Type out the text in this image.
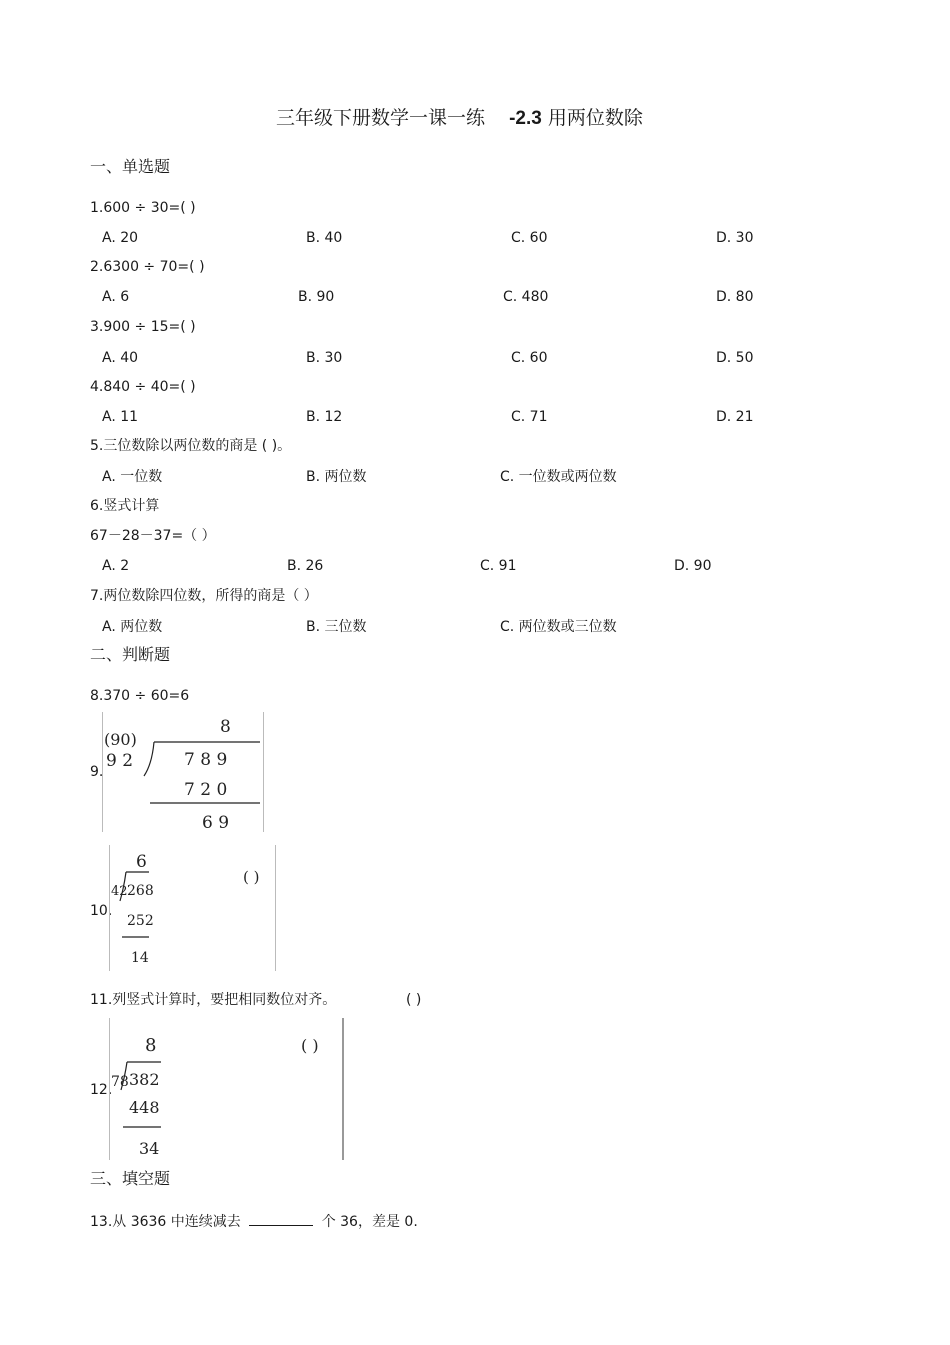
三年级下册数学一课一练 -2.3 用两位数除
一、单选题
1.600 ÷ 30=( )
A. 20	B. 40	C. 60	D. 30
2.6300 ÷ 70=( )
A. 6	B. 90	C. 480	D. 80
3.900 ÷ 15=( )
A. 40	B. 30	C. 60	D. 50
4.840 ÷ 40=( )
A. 11	B. 12	C. 71	D. 21
5.三位数除以两位数的商是 ( )。
A. 一位数	B. 两位数	C. 一位数或两位数
6.竖式计算
67－28－37=（ ）
A. 2	B. 26	C. 91	D. 90
7.两位数除四位数，所得的商是（ ）
A. 两位数	B. 三位数	C. 两位数或三位数
二、判断题
8.370 ÷ 60=6
9.
8
(90)
9 2	7 8 9
7 2 0
6 9
10.
6
( )
42 268
252
14
11.列竖式计算时，要把相同数位对齐。	( )
12.
8	( )
78 382
448
34
三、填空题
13.从 3636 中连续减去	个 36，差是 0.
